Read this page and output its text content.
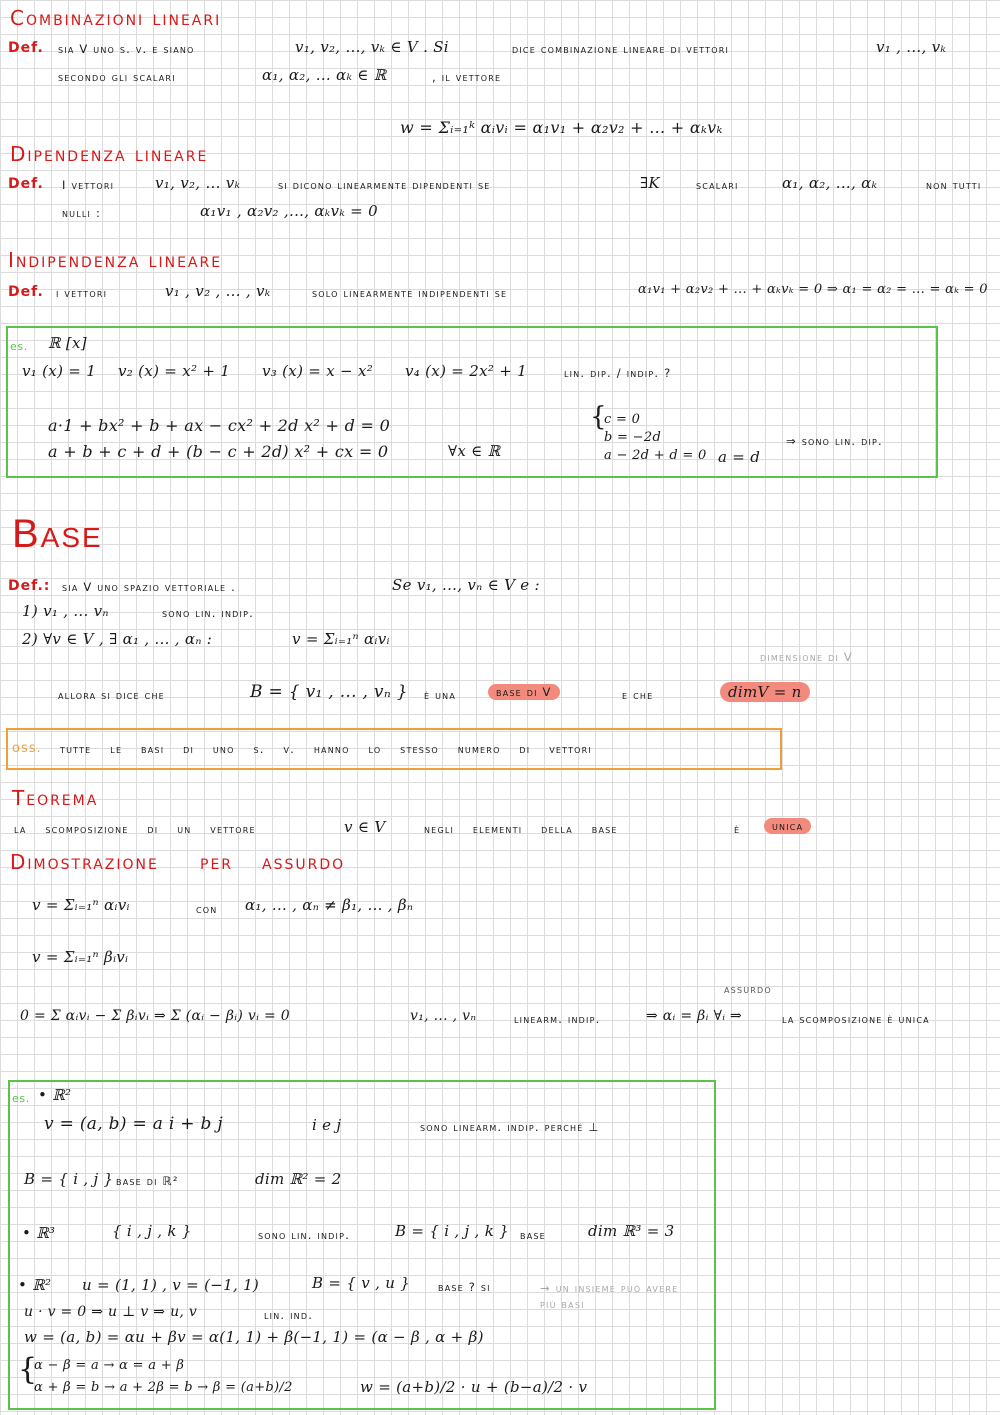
Combinazioni lineari
Def. sia V uno s. v. e siano	v₁, v₂, ..., vₖ ∈ V . Si	dice combinazione lineare di vettori	v₁ , ..., vₖ
secondo gli scalari	α₁, α₂, ... αₖ ∈ ℝ	, il vettore
w = Σᵢ₌₁ᵏ αᵢvᵢ = α₁v₁ + α₂v₂ + ... + αₖvₖ
Dipendenza lineare
Def. I vettori	v₁, v₂, ... vₖ	si dicono linearmente dipendenti se	∃K	scalari	α₁, α₂, ..., αₖ	non tutti
nulli :	α₁v₁ , α₂v₂ ,..., αₖvₖ = 0
Indipendenza lineare
Def. i vettori	v₁ , v₂ , ... , vₖ	solo linearmente indipendenti se	α₁v₁ + α₂v₂ + ... + αₖvₖ = 0 ⇒ α₁ = α₂ = ... = αₖ = 0
es. ℝ [x]
v₁ (x) = 1 v₂ (x) = x² + 1 v₃ (x) = x − x² v₄ (x) = 2x² + 1	lin. dip. / indip. ?
a·1 + bx² + b + ax − cx² + 2d x² + d = 0
a + b + c + d + (b − c + 2d) x² + cx = 0	∀x ∈ ℝ
{
c = 0
b = −2d
a − 2d + d = 0 a = d
⇒ sono lin. dip.
Base
Def.: sia V uno spazio vettoriale .	Se v₁, ..., vₙ ∈ V e :
1) v₁ , ... vₙ	sono lin. indip.
2) ∀v ∈ V , ∃ α₁ , ... , αₙ :	v = Σᵢ₌₁ⁿ αᵢvᵢ
dimensione di V
allora si dice che	B = { v₁ , ... , vₙ } è una	base di V	e che	dimV = n
oss. tutte le basi di uno s. v. hanno lo stesso numero di vettori
Teorema
la scomposizione di un vettore	v ∈ V	negli elementi della base	è	unica
Dimostrazione per assurdo
v = Σᵢ₌₁ⁿ αᵢvᵢ	con α₁, ... , αₙ ≠ β₁, ... , βₙ
v = Σᵢ₌₁ⁿ βᵢvᵢ
assurdo
0 = Σ αᵢvᵢ − Σ βᵢvᵢ ⇒ Σ (αᵢ − βᵢ) vᵢ = 0	v₁, ... , vₙ	linearm. indip.	⇒ αᵢ = βᵢ ∀ᵢ ⇒	la scomposizione è unica
es. • ℝ²
v = (a, b) = a i + b j	i e j	sono linearm. indip. perché ⊥
B = { i , j } base di ℝ²	dim ℝ² = 2
• ℝ³	{ i , j , k }	sono lin. indip.	B = { i , j , k } base	dim ℝ³ = 3
• ℝ² u = (1, 1) , v = (−1, 1)	B = { v , u } base ? si	→ un insieme può avere più basi
u · v = 0 ⇒ u ⊥ v ⇒ u, v	lin. ind.
w = (a, b) = αu + βv = α(1, 1) + β(−1, 1) = (α − β , α + β)
{
α − β = a → α = a + β
α + β = b → a + 2β = b → β = (a+b)/2	w = (a+b)/2 · u + (b−a)/2 · v
